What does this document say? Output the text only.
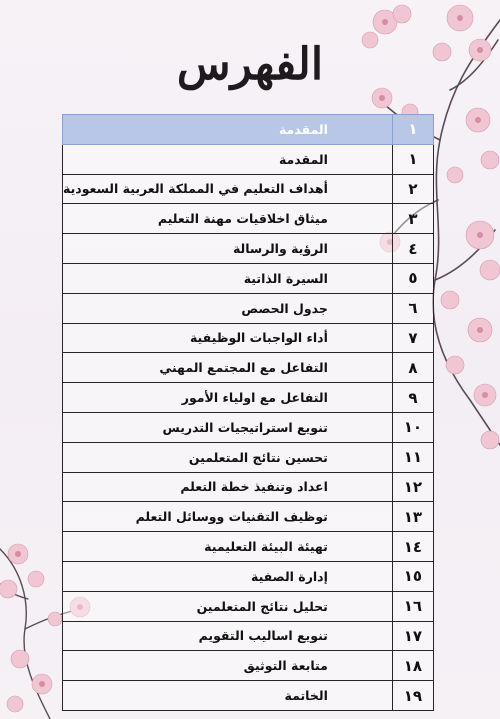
الفهرس
١	المقدمة
١	المقدمة
٢	أهداف التعليم في المملكة العربية السعودية
٣	ميثاق اخلاقيات مهنة التعليم
٤	الرؤية والرسالة
٥	السيرة الذاتية
٦	جدول الحصص
٧	أداء الواجبات الوظيفية
٨	التفاعل مع المجتمع المهني
٩	التفاعل مع اولياء الأمور
١٠	تنويع استراتيجيات التدريس
١١	تحسين نتائج المتعلمين
١٢	اعداد وتنفيذ خطة التعلم
١٣	توظيف التقنيات ووسائل التعلم
١٤	تهيئة البيئة التعليمية
١٥	إدارة الصفية
١٦	تحليل نتائج المتعلمين
١٧	تنويع اساليب التقويم
١٨	متابعة التوثيق
١٩	الخاتمة
